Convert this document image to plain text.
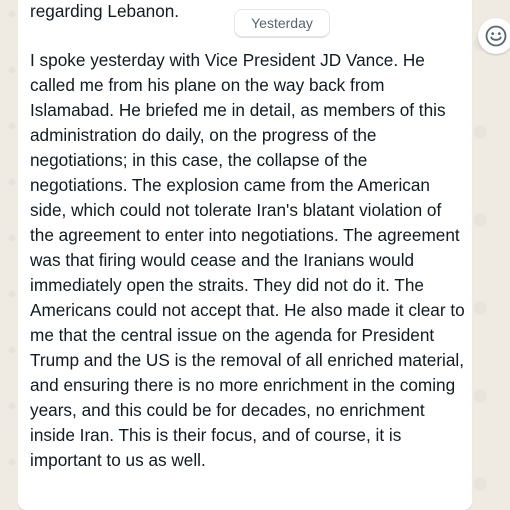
regarding Lebanon.

Yesterday

I spoke yesterday with Vice President JD Vance. He called me from his plane on the way back from Islamabad. He briefed me in detail, as members of this administration do daily, on the progress of the negotiations; in this case, the collapse of the negotiations. The explosion came from the American side, which could not tolerate Iran's blatant violation of the agreement to enter into negotiations. The agreement was that firing would cease and the Iranians would immediately open the straits. They did not do it. The Americans could not accept that. He also made it clear to me that the central issue on the agenda for President Trump and the US is the removal of all enriched material, and ensuring there is no more enrichment in the coming years, and this could be for decades, no enrichment inside Iran. This is their focus, and of course, it is important to us as well.
